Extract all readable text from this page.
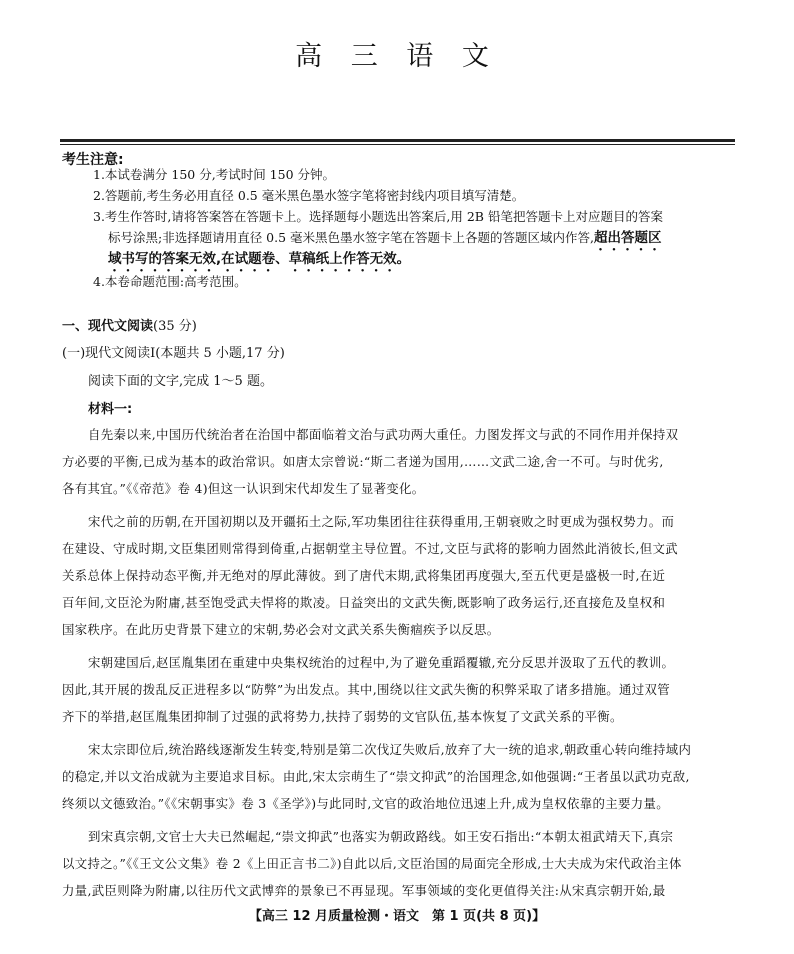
高 三 语 文
考生注意:
1.本试卷满分 150 分,考试时间 150 分钟。
2.答题前,考生务必用直径 0.5 毫米黑色墨水签字笔将密封线内项目填写清楚。
3.考生作答时,请将答案答在答题卡上。选择题每小题选出答案后,用 2B 铅笔把答题卡上对应题目的答案
标号涂黑;非选择题请用直径 0.5 毫米黑色墨水签字笔在答题卡上各题的答题区域内作答,超出答题区
域书写的答案无效,在试题卷、草稿纸上作答无效。
4.本卷命题范围:高考范围。
一、现代文阅读(35 分)
(一)现代文阅读Ⅰ(本题共 5 小题,17 分)
阅读下面的文字,完成 1～5 题。
材料一:
自先秦以来,中国历代统治者在治国中都面临着文治与武功两大重任。力图发挥文与武的不同作用并保持双
方必要的平衡,已成为基本的政治常识。如唐太宗曾说:“斯二者递为国用,……文武二途,舍一不可。与时优劣,
各有其宜。”《《帝范》卷 4)但这一认识到宋代却发生了显著变化。
宋代之前的历朝,在开国初期以及开疆拓土之际,军功集团往往获得重用,王朝衰败之时更成为强权势力。而
在建设、守成时期,文臣集团则常得到倚重,占据朝堂主导位置。不过,文臣与武将的影响力固然此消彼长,但文武
关系总体上保持动态平衡,并无绝对的厚此薄彼。到了唐代末期,武将集团再度强大,至五代更是盛极一时,在近
百年间,文臣沦为附庸,甚至饱受武夫悍将的欺凌。日益突出的文武失衡,既影响了政务运行,还直接危及皇权和
国家秩序。在此历史背景下建立的宋朝,势必会对文武关系失衡痼疾予以反思。
宋朝建国后,赵匡胤集团在重建中央集权统治的过程中,为了避免重蹈覆辙,充分反思并汲取了五代的教训。
因此,其开展的拨乱反正进程多以“防弊”为出发点。其中,围绕以往文武失衡的积弊采取了诸多措施。通过双管
齐下的举措,赵匡胤集团抑制了过强的武将势力,扶持了弱势的文官队伍,基本恢复了文武关系的平衡。
宋太宗即位后,统治路线逐渐发生转变,特别是第二次伐辽失败后,放弃了大一统的追求,朝政重心转向维持域内
的稳定,并以文治成就为主要追求目标。由此,宋太宗萌生了“崇文抑武”的治国理念,如他强调:“王者虽以武功克敌,
终须以文德致治。”《《宋朝事实》卷 3《圣学》)与此同时,文官的政治地位迅速上升,成为皇权依靠的主要力量。
到宋真宗朝,文官士大夫已然崛起,“崇文抑武”也落实为朝政路线。如王安石指出:“本朝太祖武靖天下,真宗
以文持之。”《《王文公文集》卷 2《上田正言书二》)自此以后,文臣治国的局面完全形成,士大夫成为宋代政治主体
力量,武臣则降为附庸,以往历代文武博弈的景象已不再显现。军事领域的变化更值得关注:从宋真宗朝开始,最
【高三 12 月质量检测・语文　第 1 页(共 8 页)】
